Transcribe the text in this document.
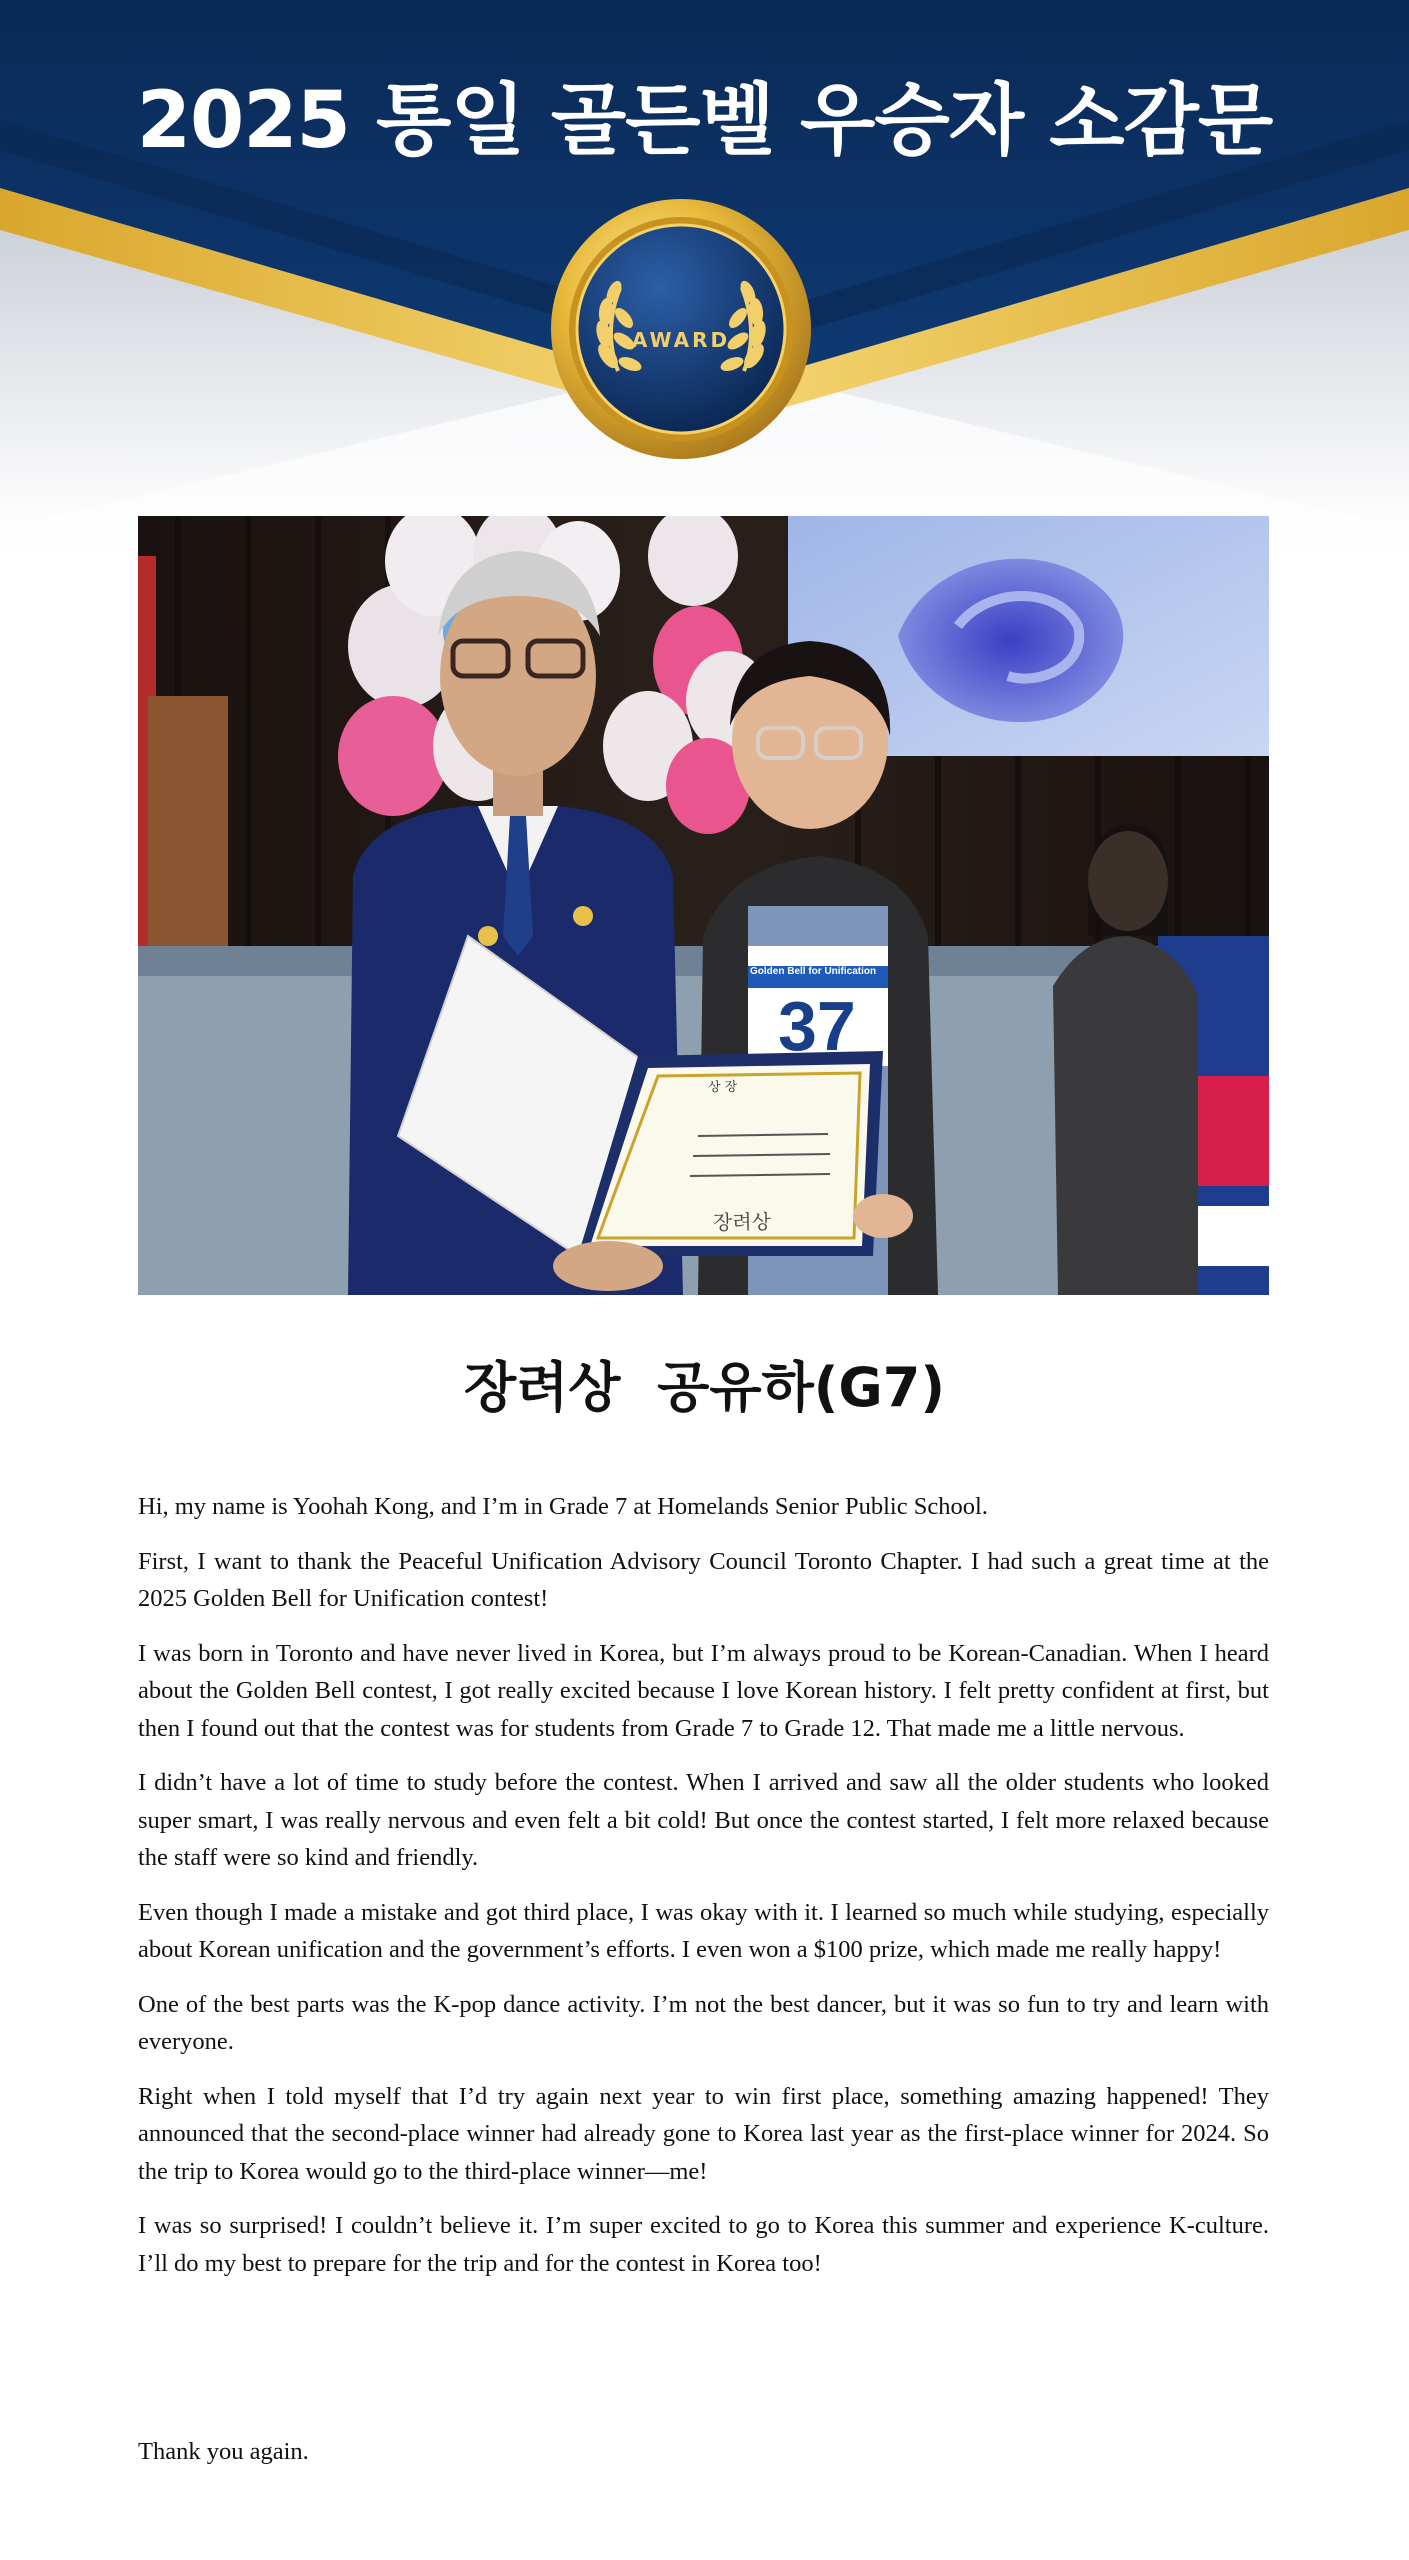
2025 통일 골든벨 우승자 소감문
AWARD
상 장
장려상
Golden Bell for Unification
37
장려상 공유하(G7)

Hi, my name is Yoohah Kong, and I’m in Grade 7 at Homelands Senior Public School.

First, I want to thank the Peaceful Unification Advisory Council Toronto Chapter. I had such a great time at the 2025 Golden Bell for Unification contest!

I was born in Toronto and have never lived in Korea, but I’m always proud to be Korean-Canadian. When I heard about the Golden Bell contest, I got really excited because I love Korean history. I felt pretty confident at first, but then I found out that the contest was for students from Grade 7 to Grade 12. That made me a little nervous.

I didn’t have a lot of time to study before the contest. When I arrived and saw all the older students who looked super smart, I was really nervous and even felt a bit cold! But once the contest started, I felt more relaxed because the staff were so kind and friendly.

Even though I made a mistake and got third place, I was okay with it. I learned so much while studying, especially about Korean unification and the government’s efforts. I even won a $100 prize, which made me really happy!

One of the best parts was the K-pop dance activity. I’m not the best dancer, but it was so fun to try and learn with everyone.

Right when I told myself that I’d try again next year to win first place, something amazing happened! They announced that the second-place winner had already gone to Korea last year as the first-place winner for 2024. So the trip to Korea would go to the third-place winner—me!

I was so surprised! I couldn’t believe it. I’m super excited to go to Korea this summer and experience K-culture. I’ll do my best to prepare for the trip and for the contest in Korea too!

Thank you again.
